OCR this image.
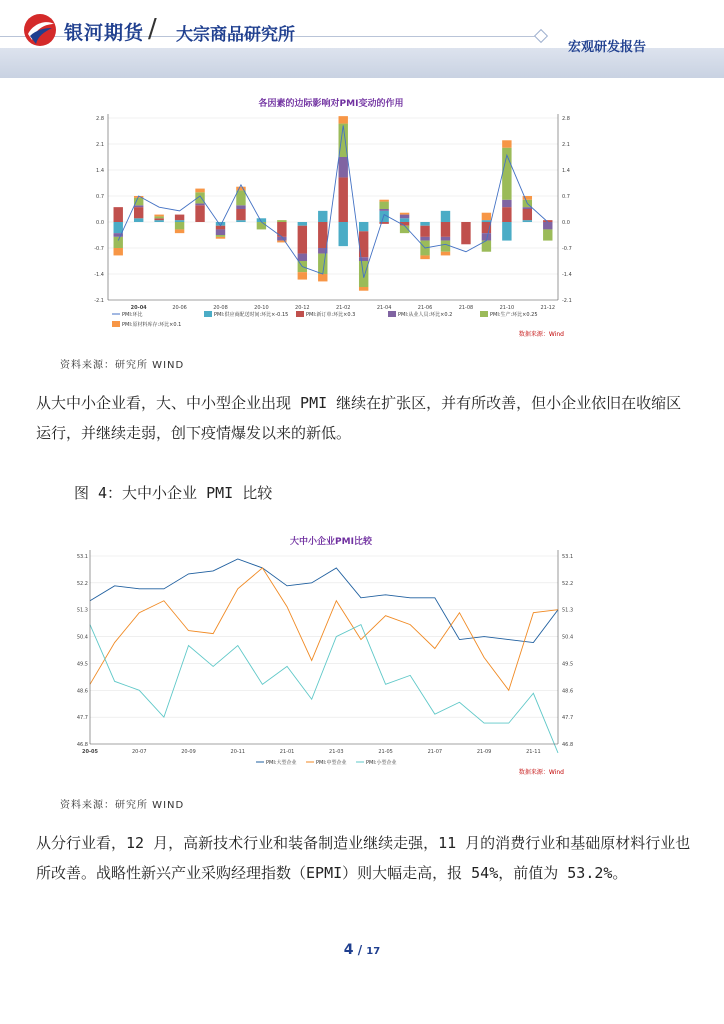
银河期货 / 大宗商品研究所
宏观研发报告
各因素的边际影响对PMI变动的作用
2.8	2.8
2.1	2.1
1.4	1.4
0.7	0.7
0.0	0.0
-0.7	-0.7
-1.4	-1.4
-2.1	-2.1
20-04	20-06	20-08	20-10	20-12	21-02	21-04	21-06	21-08	21-10	21-12
PMI:环比	PMI:供应商配送时间:环比×-0.15	PMI:新订单:环比×0.3	PMI:从业人员:环比×0.2	PMI:生产:环比×0.25
PMI:原材料库存:环比×0.1
数据来源：Wind
资料来源：研究所 WIND
从大中小企业看，大、中小型企业出现 PMI 继续在扩张区，并有所改善，但小企业依旧在收缩区运行，并继续走弱，创下疫情爆发以来的新低。
图 4：大中小企业 PMI 比较
大中小企业PMI比较
53.1	53.1
52.2	52.2
51.3	51.3
50.4	50.4
49.5	49.5
48.6	48.6
47.7	47.7
46.8	46.8
20-05	20-07	20-09	20-11	21-01	21-03	21-05	21-07	21-09	21-11
PMI:大型企业	PMI:中型企业	PMI:小型企业
数据来源：Wind
资料来源：研究所 WIND
从分行业看，12 月，高新技术行业和装备制造业继续走强，11 月的消费行业和基础原材料行业也所改善。战略性新兴产业采购经理指数（EPMI）则大幅走高，报 54%，前值为 53.2%。
4 / 17
